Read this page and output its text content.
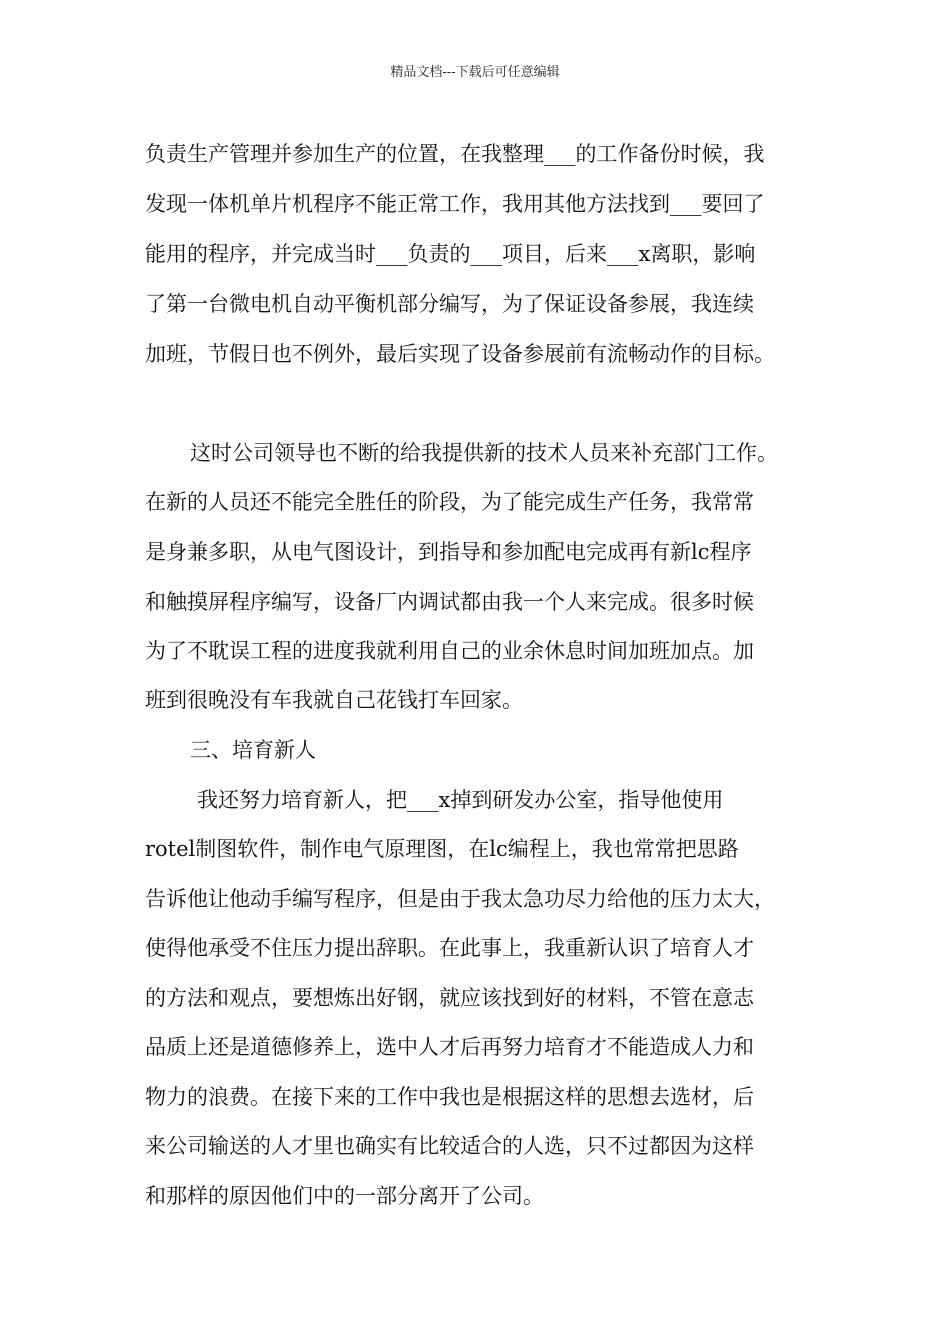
精品文档---下载后可任意编辑
负责生产管理并参加生产的位置，在我整理___的工作备份时候，我
发现一体机单片机程序不能正常工作，我用其他方法找到___要回了
能用的程序，并完成当时___负责的___项目，后来___x离职，影响
了第一台微电机自动平衡机部分编写，为了保证设备参展，我连续
加班，节假日也不例外，最后实现了设备参展前有流畅动作的目标。
这时公司领导也不断的给我提供新的技术人员来补充部门工作。
在新的人员还不能完全胜任的阶段，为了能完成生产任务，我常常
是身兼多职，从电气图设计，到指导和参加配电完成再有新lc程序
和触摸屏程序编写，设备厂内调试都由我一个人来完成。很多时候
为了不耽误工程的进度我就利用自己的业余休息时间加班加点。加
班到很晚没有车我就自己花钱打车回家。
三、培育新人
我还努力培育新人，把___x掉到研发办公室，指导他使用
rotel制图软件，制作电气原理图，在lc编程上，我也常常把思路
告诉他让他动手编写程序，但是由于我太急功尽力给他的压力太大，
使得他承受不住压力提出辞职。在此事上，我重新认识了培育人才
的方法和观点，要想炼出好钢，就应该找到好的材料，不管在意志
品质上还是道德修养上，选中人才后再努力培育才不能造成人力和
物力的浪费。在接下来的工作中我也是根据这样的思想去选材，后
来公司输送的人才里也确实有比较适合的人选，只不过都因为这样
和那样的原因他们中的一部分离开了公司。
